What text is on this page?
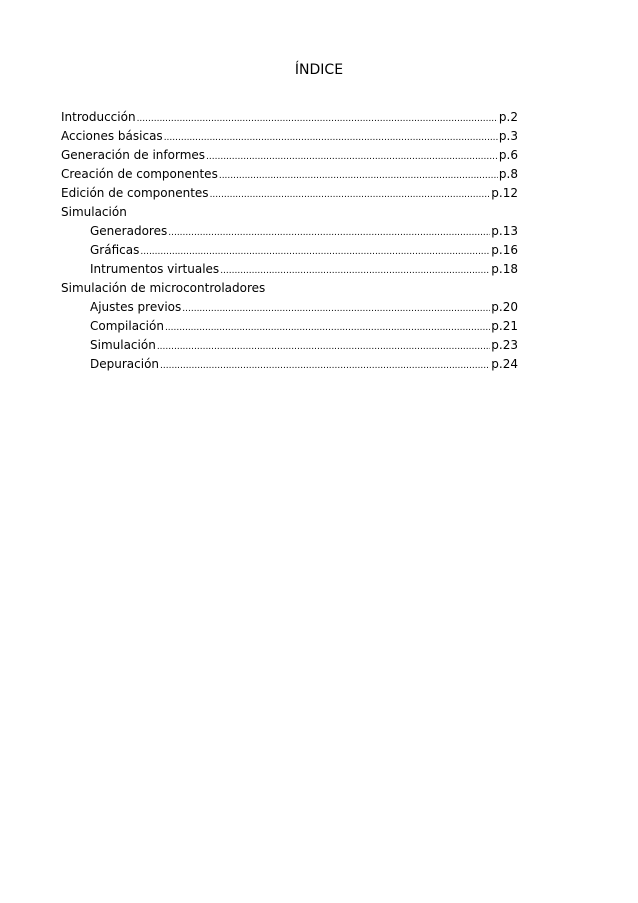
ÍNDICE
Introducción .....	p.2
Acciones básicas .....	p.3
Generación de informes .....	p.6
Creación de componentes .....	p.8
Edición de componentes .....	p.12
Simulación
Generadores .....	p.13
Gráficas .....	p.16
Intrumentos virtuales .....	p.18
Simulación de microcontroladores
Ajustes previos .....	p.20
Compilación .....	p.21
Simulación .....	p.23
Depuración .....	p.24
